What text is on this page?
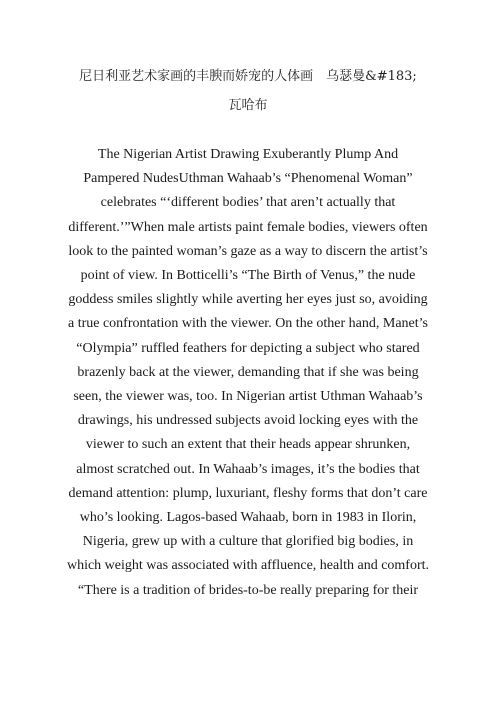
尼日利亚艺术家画的丰腴而娇宠的人体画　乌瑟曼&#183;
瓦哈布
The Nigerian Artist Drawing Exuberantly Plump And
Pampered NudesUthman Wahaab’s “Phenomenal Woman”
celebrates “‘different bodies’ that aren’t actually that
different.’”When male artists paint female bodies, viewers often
look to the painted woman’s gaze as a way to discern the artist’s
point of view. In Botticelli’s “The Birth of Venus,” the nude
goddess smiles slightly while averting her eyes just so, avoiding
a true confrontation with the viewer. On the other hand, Manet’s
“Olympia” ruffled feathers for depicting a subject who stared
brazenly back at the viewer, demanding that if she was being
seen, the viewer was, too. In Nigerian artist Uthman Wahaab’s
drawings, his undressed subjects avoid locking eyes with the
viewer to such an extent that their heads appear shrunken,
almost scratched out. In Wahaab’s images, it’s the bodies that
demand attention: plump, luxuriant, fleshy forms that don’t care
who’s looking. Lagos-based Wahaab, born in 1983 in Ilorin,
Nigeria, grew up with a culture that glorified big bodies, in
which weight was associated with affluence, health and comfort.
“There is a tradition of brides-to-be really preparing for their
